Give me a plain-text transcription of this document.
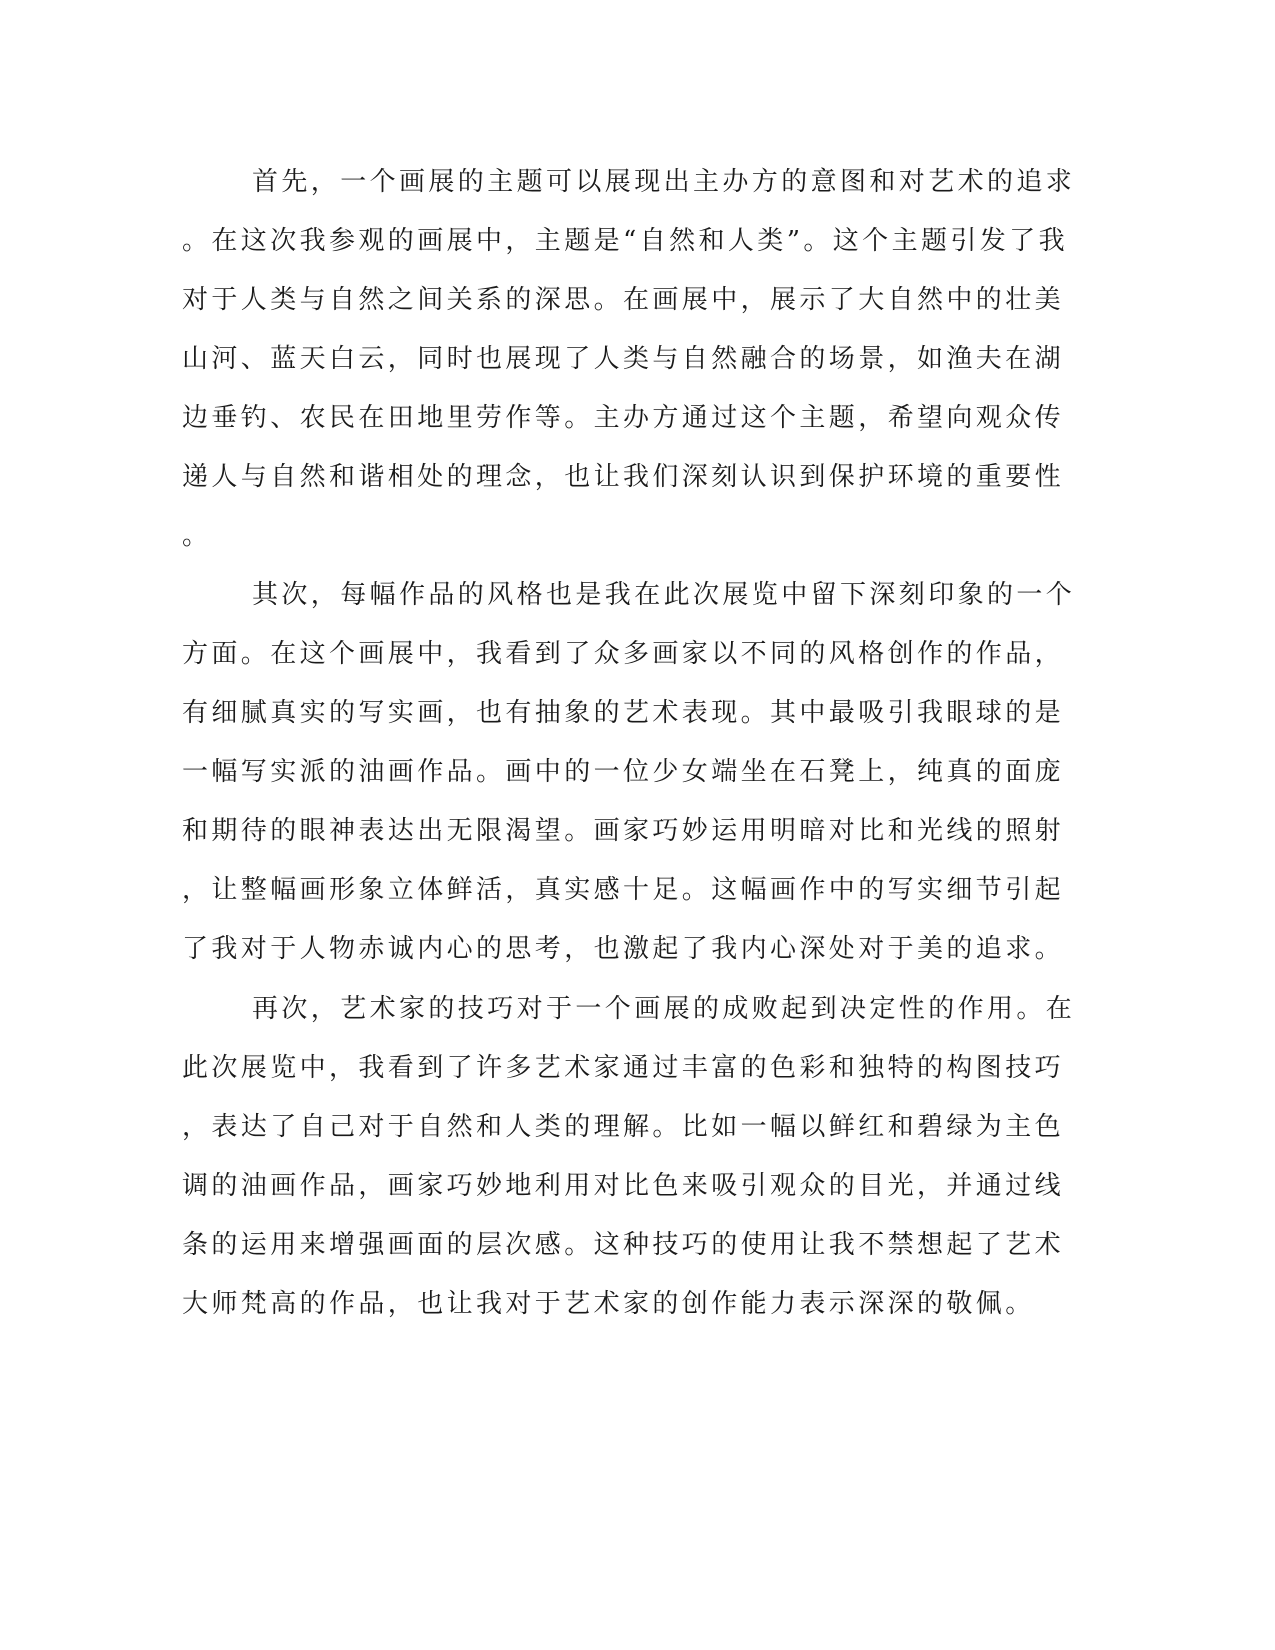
首先，一个画展的主题可以展现出主办方的意图和对艺术的追求
。在这次我参观的画展中，主题是“自然和人类”。这个主题引发了我
对于人类与自然之间关系的深思。在画展中，展示了大自然中的壮美
山河、蓝天白云，同时也展现了人类与自然融合的场景，如渔夫在湖
边垂钓、农民在田地里劳作等。主办方通过这个主题，希望向观众传
递人与自然和谐相处的理念，也让我们深刻认识到保护环境的重要性
。
其次，每幅作品的风格也是我在此次展览中留下深刻印象的一个
方面。在这个画展中，我看到了众多画家以不同的风格创作的作品，
有细腻真实的写实画，也有抽象的艺术表现。其中最吸引我眼球的是
一幅写实派的油画作品。画中的一位少女端坐在石凳上，纯真的面庞
和期待的眼神表达出无限渴望。画家巧妙运用明暗对比和光线的照射
，让整幅画形象立体鲜活，真实感十足。这幅画作中的写实细节引起
了我对于人物赤诚内心的思考，也激起了我内心深处对于美的追求。
再次，艺术家的技巧对于一个画展的成败起到决定性的作用。在
此次展览中，我看到了许多艺术家通过丰富的色彩和独特的构图技巧
，表达了自己对于自然和人类的理解。比如一幅以鲜红和碧绿为主色
调的油画作品，画家巧妙地利用对比色来吸引观众的目光，并通过线
条的运用来增强画面的层次感。这种技巧的使用让我不禁想起了艺术
大师梵高的作品，也让我对于艺术家的创作能力表示深深的敬佩。
